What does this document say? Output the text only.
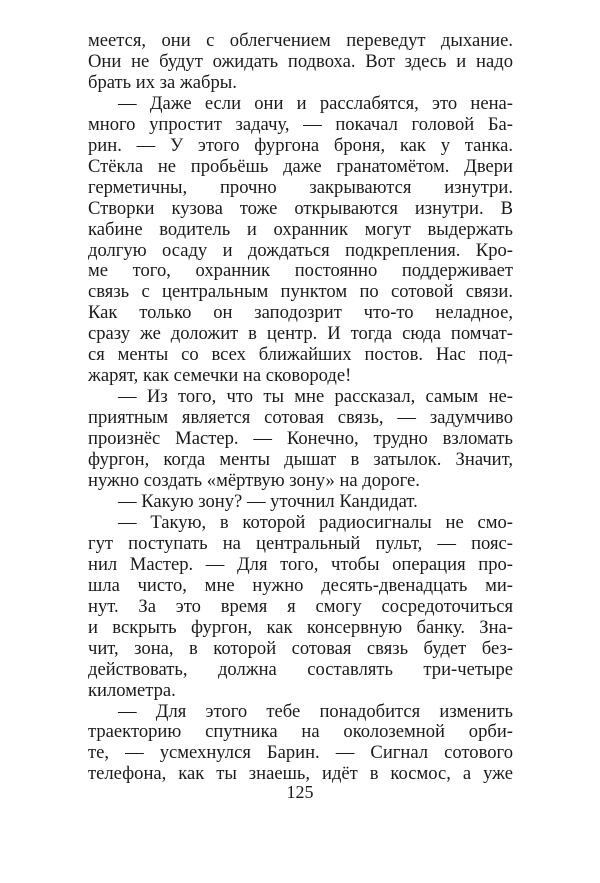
меется, они с облегчением переведут дыхание.
Они не будут ожидать подвоха. Вот здесь и надо
брать их за жабры.
— Даже если они и расслабятся, это нена-
много упростит задачу, — покачал головой Ба-
рин. — У этого фургона броня, как у танка.
Стёкла не пробьёшь даже гранатомётом. Двери
герметичны, прочно закрываются изнутри.
Створки кузова тоже открываются изнутри. В
кабине водитель и охранник могут выдержать
долгую осаду и дождаться подкрепления. Кро-
ме того, охранник постоянно поддерживает
связь с центральным пунктом по сотовой связи.
Как только он заподозрит что-то неладное,
сразу же доложит в центр. И тогда сюда помчат-
ся менты со всех ближайших постов. Нас под-
жарят, как семечки на сковороде!
— Из того, что ты мне рассказал, самым не-
приятным является сотовая связь, — задумчиво
произнёс Мастер. — Конечно, трудно взломать
фургон, когда менты дышат в затылок. Значит,
нужно создать «мёртвую зону» на дороге.
— Какую зону? — уточнил Кандидат.
— Такую, в которой радиосигналы не смо-
гут поступать на центральный пульт, — пояс-
нил Мастер. — Для того, чтобы операция про-
шла чисто, мне нужно десять-двенадцать ми-
нут. За это время я смогу сосредоточиться
и вскрыть фургон, как консервную банку. Зна-
чит, зона, в которой сотовая связь будет без-
действовать, должна составлять три-четыре
километра.
— Для этого тебе понадобится изменить
траекторию спутника на околоземной орби-
те, — усмехнулся Барин. — Сигнал сотового
телефона, как ты знаешь, идёт в космос, а уже
125
